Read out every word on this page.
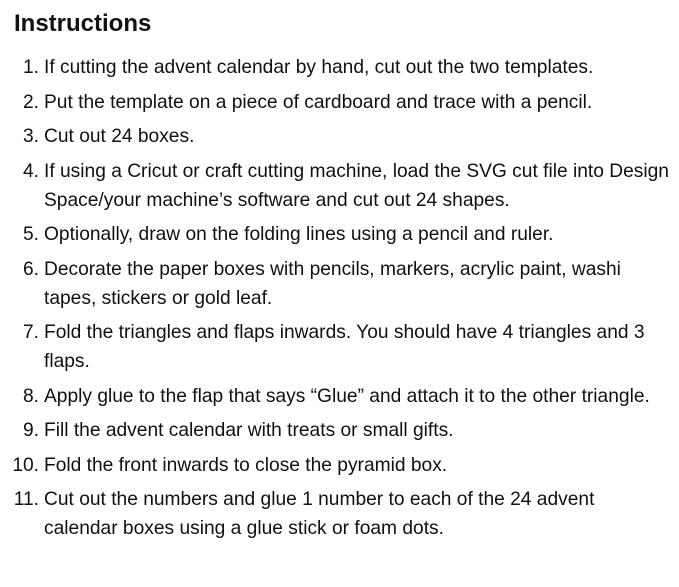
Instructions
1. If cutting the advent calendar by hand, cut out the two templates.
2. Put the template on a piece of cardboard and trace with a pencil.
3. Cut out 24 boxes.
4. If using a Cricut or craft cutting machine, load the SVG cut file into Design Space/your machine’s software and cut out 24 shapes.
5. Optionally, draw on the folding lines using a pencil and ruler.
6. Decorate the paper boxes with pencils, markers, acrylic paint, washi tapes, stickers or gold leaf.
7. Fold the triangles and flaps inwards. You should have 4 triangles and 3 flaps.
8. Apply glue to the flap that says “Glue” and attach it to the other triangle.
9. Fill the advent calendar with treats or small gifts.
10. Fold the front inwards to close the pyramid box.
11. Cut out the numbers and glue 1 number to each of the 24 advent calendar boxes using a glue stick or foam dots.
